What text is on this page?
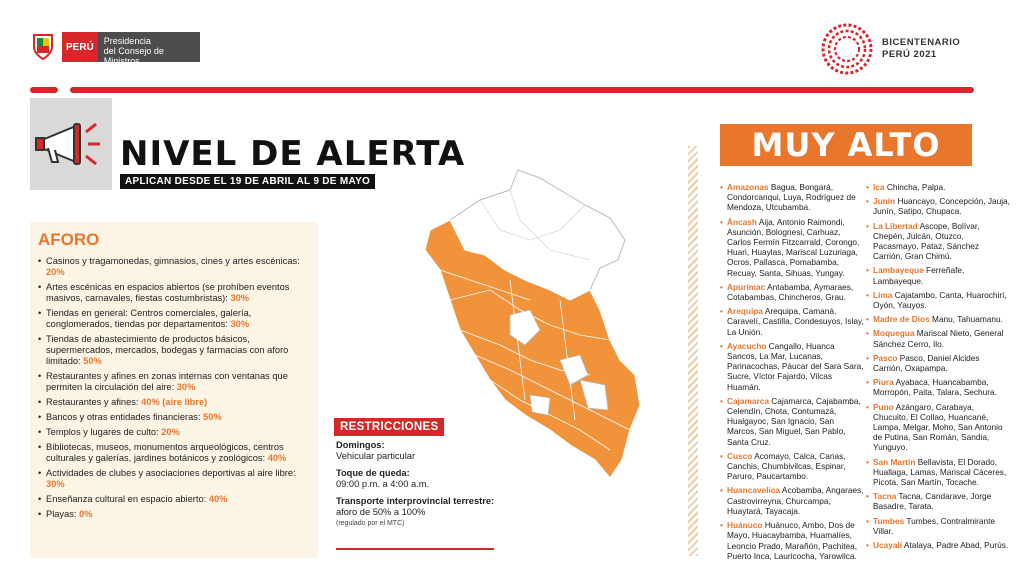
PERÚ
Presidencia
del Consejo de Ministros
BICENTENARIO
PERÚ 2021
NIVEL DE ALERTA
APLICAN DESDE EL 19 DE ABRIL AL 9 DE MAYO
AFORO
• Casinos y tragamonedas, gimnasios, cines y artes escénicas: 20%
• Artes escénicas en espacios abiertos (se prohíben eventos masivos, carnavales, fiestas costumbristas): 30%
• Tiendas en general: Centros comerciales, galería, conglomerados, tiendas por departamentos: 30%
• Tiendas de abastecimiento de productos básicos, supermercados, mercados, bodegas y farmacias con aforo limitado: 50%
• Restaurantes y afines en zonas internas con ventanas que permiten la circulación del aire: 30%
• Restaurantes y afines: 40% (aire libre)
• Bancos y otras entidades financieras: 50%
• Templos y lugares de culto: 20%
• Bibliotecas, museos, monumentos arqueológicos, centros culturales y galerías, jardines botánicos y zoológicos: 40%
• Actividades de clubes y asociaciones deportivas al aire libre: 30%
• Enseñanza cultural en espacio abierto: 40%
• Playas: 0%
RESTRICCIONES
Domingos:
Vehicular particular
Toque de queda:
09:00 p.m. a 4:00 a.m.
Transporte interprovincial terrestre:
aforo de 50% a 100%
(regulado por el MTC)
MUY ALTO
• Amazonas Bagua, Bongará, Condorcanqui, Luya, Rodríguez de Mendoza, Utcubamba.
• Áncash Aija, Antonio Raimondi, Asunción, Bolognesi, Carhuaz, Carlos Fermín Fitzcarrald, Corongo, Huari, Huaylas, Mariscal Luzuriaga, Ocros, Pallasca, Pomabamba, Recuay, Santa, Sihuas, Yungay.
• Apurímac Antabamba, Aymaraes, Cotabambas, Chincheros, Grau.
• Arequipa Arequipa, Camaná, Caravelí, Castilla, Condesuyos, Islay, La Unión.
• Ayacucho Cangallo, Huanca Sancos, La Mar, Lucanas, Parinacochas, Páucar del Sara Sara, Sucre, Víctor Fajardo, Vilcas Huamán.
• Cajamarca Cajamarca, Cajabamba, Celendín, Chota, Contumazá, Hualgayoc, San Ignacio, San Marcos, San Miguel, San Pablo, Santa Cruz.
• Cusco Acomayo, Calca, Canas, Canchis, Chumbivilcas, Espinar, Paruro, Paucartambo.
• Huancavelica Acobamba, Angaraes, Castrovirreyna, Churcampa, Huaytará, Tayacaja.
• Huánuco Huánuco, Ambo, Dos de Mayo, Huacaybamba, Huamalíes, Leoncio Prado, Marañón, Pachitea, Puerto Inca, Lauricocha, Yarowilca.
• Ica Chincha, Palpa.
• Junín Huancayo, Concepción, Jauja, Junín, Satipo, Chupaca.
• La Libertad Ascope, Bolívar, Chepén, Julcán, Otuzco, Pacasmayo, Pataz, Sánchez Carrión, Gran Chimú.
• Lambayeque Ferreñafe, Lambayeque.
• Lima Cajatambo, Canta, Huarochirí, Oyón, Yauyos.
• Madre de Dios Manu, Tahuamanu.
• Moquegua Mariscal Nieto, General Sánchez Cerro, Ilo.
• Pasco Pasco, Daniel Alcides Carrión, Oxapampa.
• Piura Ayabaca, Huancabamba, Morropón, Paita, Talara, Sechura.
• Puno Azángaro, Carabaya, Chucuito, El Collao, Huancané, Lampa, Melgar, Moho, San Antonio de Putina, San Román, Sandia, Yunguyo.
• San Martín Bellavista, El Dorado, Huallaga, Lamas, Mariscal Cáceres, Picota, San Martín, Tocache.
• Tacna Tacna, Candarave, Jorge Basadre, Tarata.
• Tumbes Tumbes, Contralmirante Villar.
• Ucayali Atalaya, Padre Abad, Purús.
